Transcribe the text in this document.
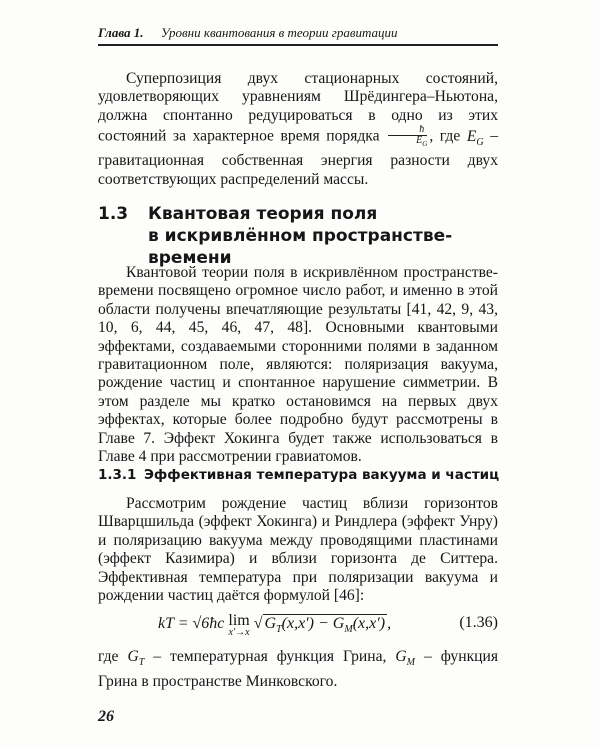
Глава 1. Уровни квантования в теории гравитации
Суперпозиция двух стационарных состояний, удовлетворяющих уравнениям Шрёдингера–Ньютона, должна спонтанно редуцироваться в одно из этих состояний за характерное время порядка $\frac{ħ}{E_G}$ , где $E_G$ – гравитационная собственная энергия разности двух соответствующих распределений массы.
1.3 Квантовая теория поля
в искривлённом пространстве-времени
Квантовой теории поля в искривлённом пространстве-времени посвящено огромное число работ, и именно в этой области получены впечатляющие результаты [41, 42, 9, 43, 10, 6, 44, 45, 46, 47, 48]. Основными квантовыми эффектами, создаваемыми сторонними полями в заданном гравитационном поле, являются: поляризация вакуума, рождение частиц и спонтанное нарушение симметрии. В этом разделе мы кратко остановимся на первых двух эффектах, которые более подробно будут рассмотрены в Главе 7. Эффект Хокинга будет также использоваться в Главе 4 при рассмотрении гравиатомов.
1.3.1 Эффективная температура вакуума и частиц
Рассмотрим рождение частиц вблизи горизонтов Шварцшильда (эффект Хокинга) и Риндлера (эффект Унру) и поляризацию вакуума между проводящими пластинами (эффект Казимира) и вблизи горизонта де Ситтера. Эффективная температура при поляризации вакуума и рождении частиц даётся формулой [46]:
kT = √6ħc lim
x′→x
√ $G_T(x,x') - G_M(x,x')$ ,	(1.36)
где $G_T$ – температурная функция Грина, $G_M$ – функция Грина в пространстве Минковского.
26
